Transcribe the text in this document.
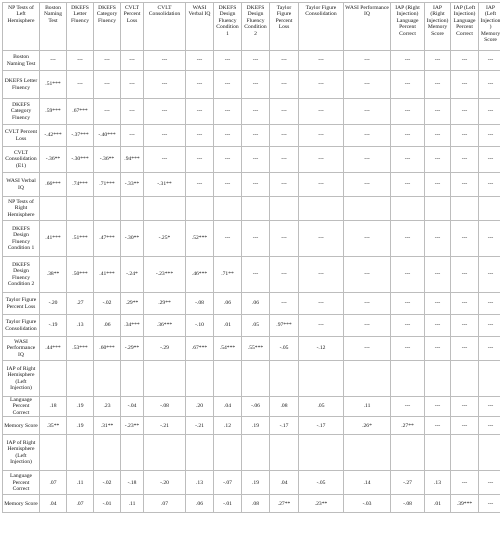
NP Tests of Left Hemisphere	Boston Naming Test	DKEFS Letter Fluency	DKEFS Category Fluency	CVLT Percent Loss	CVLT Consolidation	WASI Verbal IQ	DKEFS Design Fluency Condition 1	DKEFS Design Fluency Condition 2	Taylor Figure Percent Loss	Taylor Figure Consolidation	WASI Performance IQ	IAP (Right Injection) Language Percent Correct	IAP (Right Injection) Memory Score	IAP (Left Injection) Language Percent Correct	IAP (Left Injection) Memory Score
Boston Naming Test	---	---	---	---	---	---	---	---	---	---	---	---	---	---	---
DKEFS Letter Fluency	.51***	---	---	---	---	---	---	---	---	---	---	---	---	---	---
DKEFS Category Fluency	.59***	.67***	---	---	---	---	---	---	---	---	---	---	---	---	---
CVLT Percent Loss	-.42***	-.37***	-.40***	---	---	---	---	---	---	---	---	---	---	---	---
CVLT Consolidation (E1)	-.36**	-.30***	-.36**	.94***	---	---	---	---	---	---	---	---	---	---	---
WASI Verbal IQ	.66***	.74***	.71***	-.33**	-.31**	---	---	---	---	---	---	---	---	---	---
NP Tests of Right Hemisphere															
DKEFS Design Fluency Condition 1	.41***	.51***	.47***	-.30**	-.25*	.52***	---	---	---	---	---	---	---	---	---
DKEFS Design Fluency Condition 2	.38**	.50***	.41***	-.24*	-.23***	.46***	.71**	---	---	---	---	---	---	---	---
Taylor Figure Percent Loss	-.20	.27	-.02	.29**	.29**	-.08	.06	.06	---	---	---	---	---	---	---
Taylor Figure Consolidation	-.19	.13	.06	.34***	.36***	-.10	.01	.05	.97***	---	---	---	---	---	---
WASI Performance IQ	.44***	.53***	.60***	-.29**	-.29	.67***	.54***	.55***	-.05	-.12	---	---	---	---	---
IAP of Right Hemisphere (Left Injection)															
Language Percent Correct	.18	.19	.23	-.04	-.08	.20	.04	-.06	.08	.05	.11	---	---	---	---
Memory Score	.35**	.19	.31**	-.23**	-.21	-.21	.12	.19	-.17	-.17	.26*	.27**	---	---	---
IAP of Right Hemisphere (Left Injection)															
Language Percent Correct	.07	.11	-.02	-.18	-.20	.13	-.07	.19	.04	-.05	.14	-.27	.13	---	---
Memory Score	.04	.07	-.01	.11	.07	.06	-.01	.08	.27**	.23**	-.03	-.08	.01	.39***	---
